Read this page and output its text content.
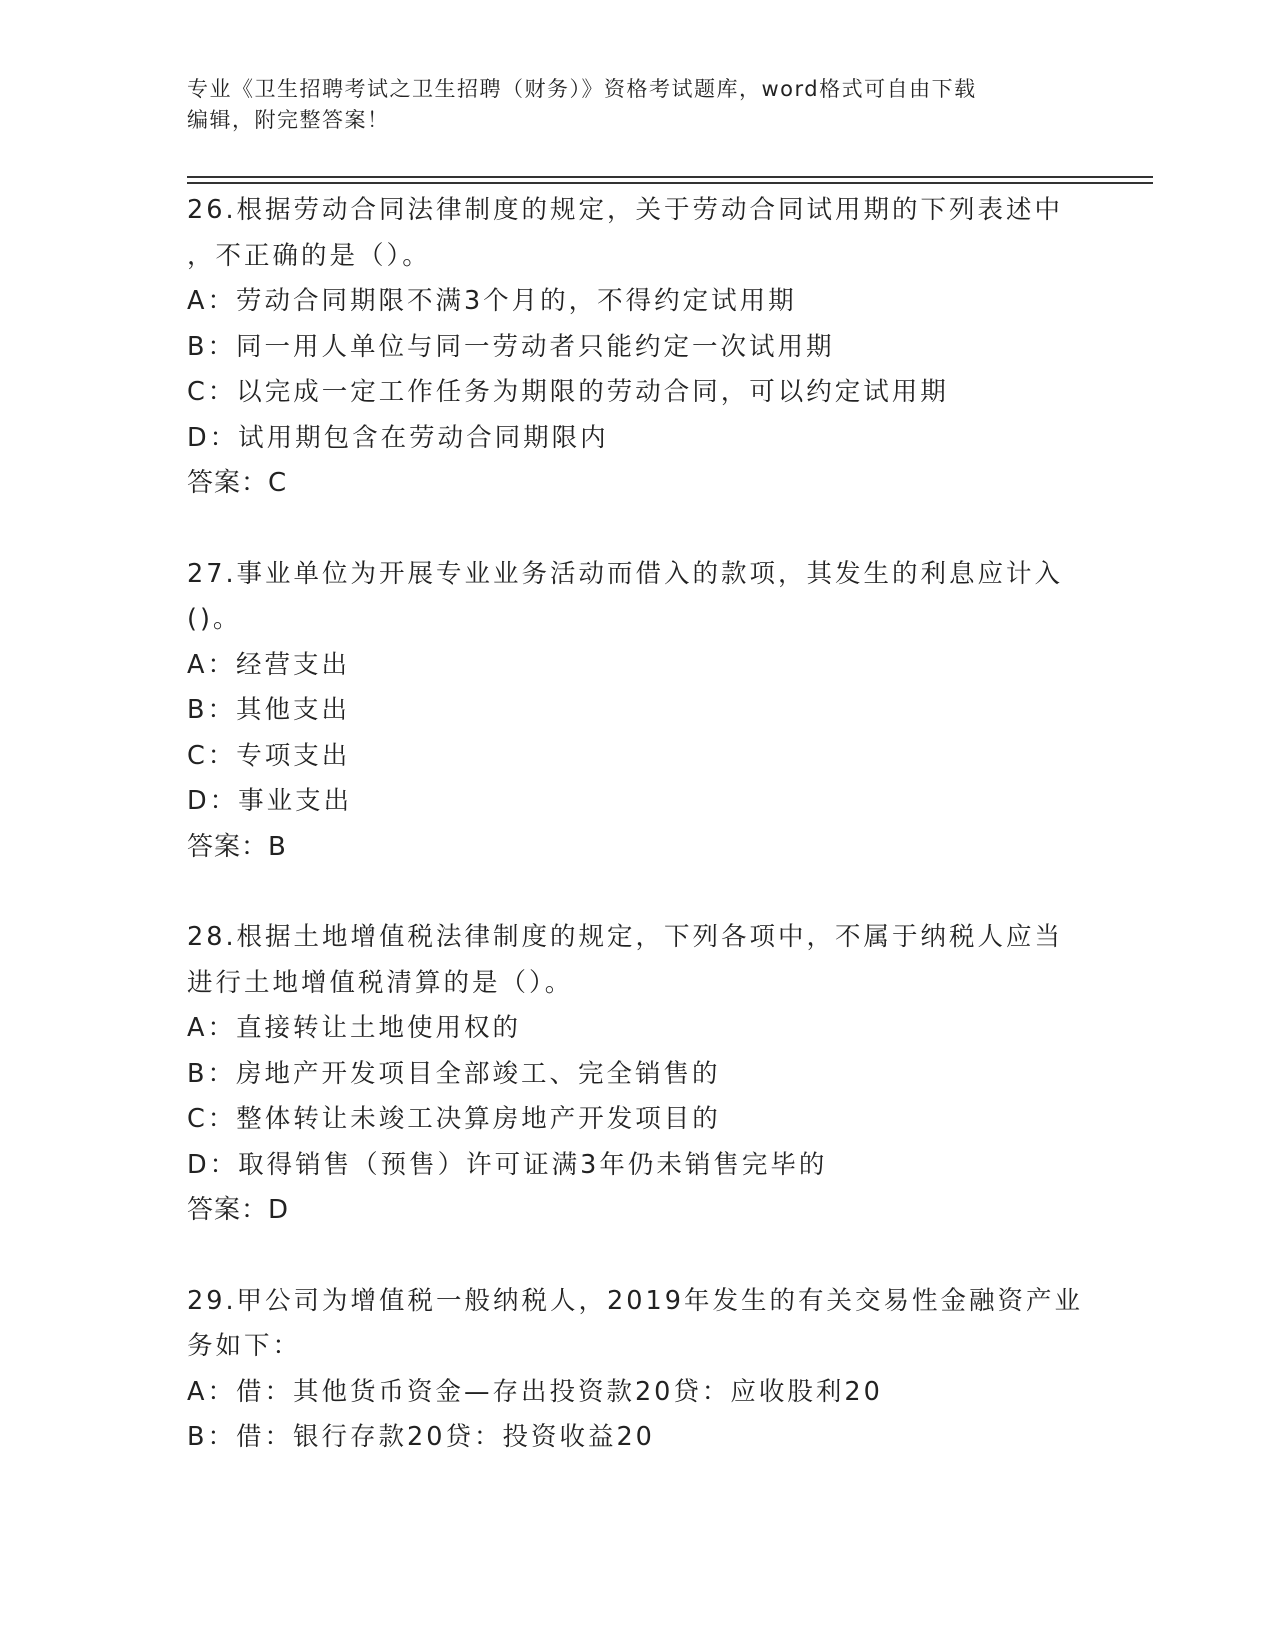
专业《卫生招聘考试之卫生招聘（财务）》资格考试题库，word格式可自由下载
编辑，附完整答案！
26.根据劳动合同法律制度的规定，关于劳动合同试用期的下列表述中
，不正确的是（）。
A：劳动合同期限不满3个月的，不得约定试用期
B：同一用人单位与同一劳动者只能约定一次试用期
C：以完成一定工作任务为期限的劳动合同，可以约定试用期
D：试用期包含在劳动合同期限内
答案：C
27.事业单位为开展专业业务活动而借入的款项，其发生的利息应计入
()。
A：经营支出
B：其他支出
C：专项支出
D：事业支出
答案：B
28.根据土地增值税法律制度的规定，下列各项中，不属于纳税人应当
进行土地增值税清算的是（）。
A：直接转让土地使用权的
B：房地产开发项目全部竣工、完全销售的
C：整体转让未竣工决算房地产开发项目的
D：取得销售（预售）许可证满3年仍未销售完毕的
答案：D
29.甲公司为增值税一般纳税人，2019年发生的有关交易性金融资产业
务如下：
A：借：其他货币资金—存出投资款20贷：应收股利20
B：借：银行存款20贷：投资收益20
